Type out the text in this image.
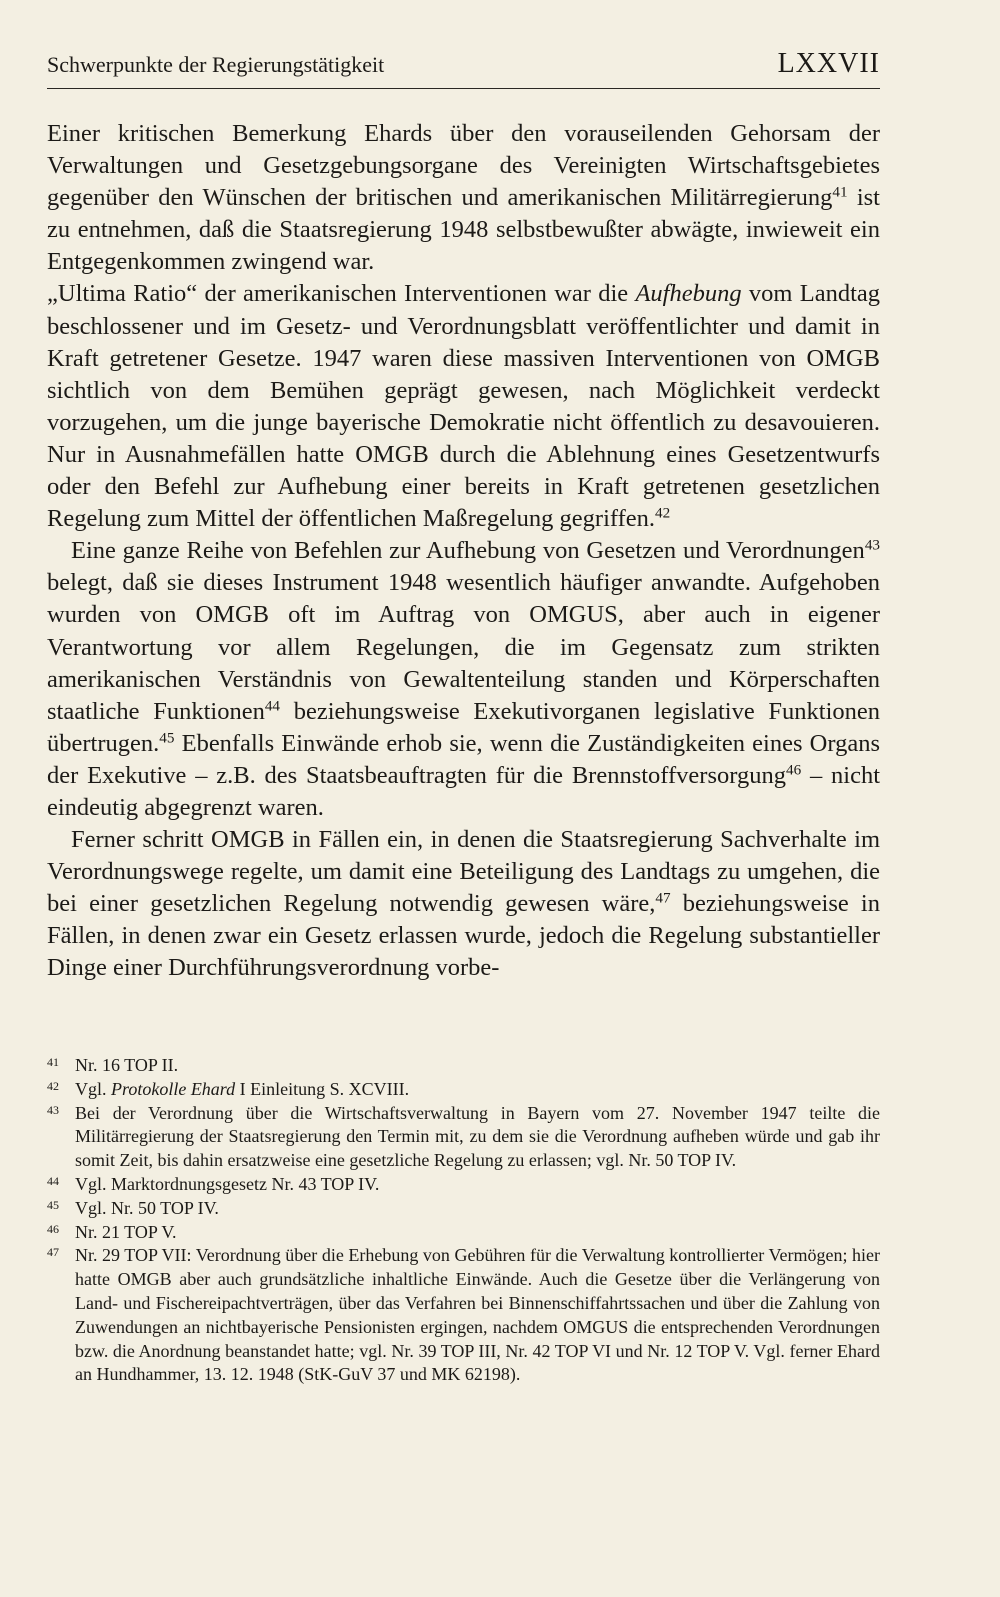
Schwerpunkte der Regierungstätigkeit	LXXVII

Einer kritischen Bemerkung Ehards über den vorauseilenden Gehorsam der Verwaltungen und Gesetzgebungsorgane des Vereinigten Wirtschaftsgebietes gegenüber den Wünschen der britischen und amerikanischen Militärregierung$^{41}$ ist zu entnehmen, daß die Staatsregierung 1948 selbstbewußter abwägte, inwieweit ein Entgegenkommen zwingend war.

„Ultima Ratio“ der amerikanischen Interventionen war die Aufhebung vom Landtag beschlossener und im Gesetz- und Verordnungsblatt veröffentlichter und damit in Kraft getretener Gesetze. 1947 waren diese massiven Interventionen von OMGB sichtlich von dem Bemühen geprägt gewesen, nach Möglichkeit verdeckt vorzugehen, um die junge bayerische Demokratie nicht öffentlich zu desavouieren. Nur in Ausnahmefällen hatte OMGB durch die Ablehnung eines Gesetzentwurfs oder den Befehl zur Aufhebung einer bereits in Kraft getretenen gesetzlichen Regelung zum Mittel der öffentlichen Maßregelung gegriffen.$^{42}$

Eine ganze Reihe von Befehlen zur Aufhebung von Gesetzen und Verordnungen$^{43}$ belegt, daß sie dieses Instrument 1948 wesentlich häufiger anwandte. Aufgehoben wurden von OMGB oft im Auftrag von OMGUS, aber auch in eigener Verantwortung vor allem Regelungen, die im Gegensatz zum strikten amerikanischen Verständnis von Gewaltenteilung standen und Körperschaften staatliche Funktionen$^{44}$ beziehungsweise Exekutivorganen legislative Funktionen übertrugen.$^{45}$ Ebenfalls Einwände erhob sie, wenn die Zuständigkeiten eines Organs der Exekutive – z.B. des Staatsbeauftragten für die Brennstoffversorgung$^{46}$ – nicht eindeutig abgegrenzt waren.

Ferner schritt OMGB in Fällen ein, in denen die Staatsregierung Sachverhalte im Verordnungswege regelte, um damit eine Beteiligung des Landtags zu umgehen, die bei einer gesetzlichen Regelung notwendig gewesen wäre,$^{47}$ beziehungsweise in Fällen, in denen zwar ein Gesetz erlassen wurde, jedoch die Regelung substantieller Dinge einer Durchführungsverordnung vorbe-

41 Nr. 16 TOP II.
42 Vgl. Protokolle Ehard I Einleitung S. XCVIII.
43 Bei der Verordnung über die Wirtschaftsverwaltung in Bayern vom 27. November 1947 teilte die Militärregierung der Staatsregierung den Termin mit, zu dem sie die Verordnung aufheben würde und gab ihr somit Zeit, bis dahin ersatzweise eine gesetzliche Regelung zu erlassen; vgl. Nr. 50 TOP IV.
44 Vgl. Marktordnungsgesetz Nr. 43 TOP IV.
45 Vgl. Nr. 50 TOP IV.
46 Nr. 21 TOP V.
47 Nr. 29 TOP VII: Verordnung über die Erhebung von Gebühren für die Verwaltung kontrollierter Vermögen; hier hatte OMGB aber auch grundsätzliche inhaltliche Einwände. Auch die Gesetze über die Verlängerung von Land- und Fischereipachtverträgen, über das Verfahren bei Binnenschiffahrtssachen und über die Zahlung von Zuwendungen an nichtbayerische Pensionisten ergingen, nachdem OMGUS die entsprechenden Verordnungen bzw. die Anordnung beanstandet hatte; vgl. Nr. 39 TOP III, Nr. 42 TOP VI und Nr. 12 TOP V. Vgl. ferner Ehard an Hundhammer, 13. 12. 1948 (StK-GuV 37 und MK 62198).
